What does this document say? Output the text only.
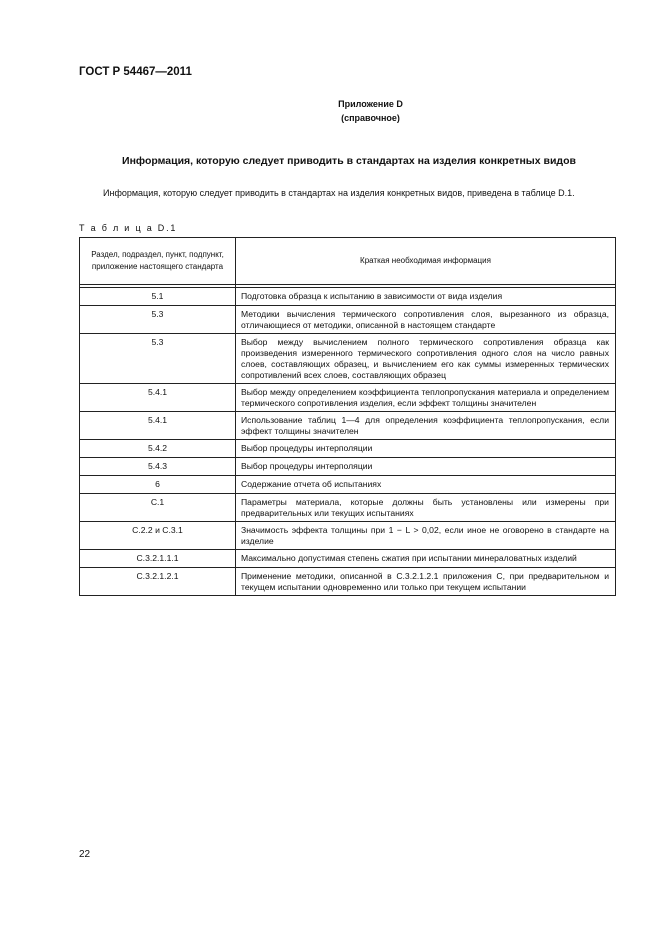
ГОСТ Р 54467—2011
Приложение D
(справочное)
Информация, которую следует приводить в стандартах на изделия конкретных видов
Информация, которую следует приводить в стандартах на изделия конкретных видов, приведена в таблице D.1.
Т а б л и ц а D.1
Раздел, подраздел, пункт, подпункт, приложение настоящего стандарта	Краткая необходимая информация

5.1	Подготовка образца к испытанию в зависимости от вида изделия
5.3	Методики вычисления термического сопротивления слоя, вырезанного из образца, отличающиеся от методики, описанной в настоящем стандарте
5.3	Выбор между вычислением полного термического сопротивления образца как произведения измеренного термического сопротивления одного слоя на число равных слоев, составляющих образец, и вычислением его как суммы измеренных термических сопротивлений всех слоев, составляющих образец
5.4.1	Выбор между определением коэффициента теплопропускания материала и определением термического сопротивления изделия, если эффект толщины значителен
5.4.1	Использование таблиц 1—4 для определения коэффициента теплопропускания, если эффект толщины значителен
5.4.2	Выбор процедуры интерполяции
5.4.3	Выбор процедуры интерполяции
6	Содержание отчета об испытаниях
C.1	Параметры материала, которые должны быть установлены или измерены при предварительных или текущих испытаниях
C.2.2 и C.3.1	Значимость эффекта толщины при 1 − L > 0,02, если иное не оговорено в стандарте на изделие
C.3.2.1.1.1	Максимально допустимая степень сжатия при испытании минераловатных изделий
C.3.2.1.2.1	Применение методики, описанной в C.3.2.1.2.1 приложения С, при предварительном и текущем испытании одновременно или только при текущем испытании
22
